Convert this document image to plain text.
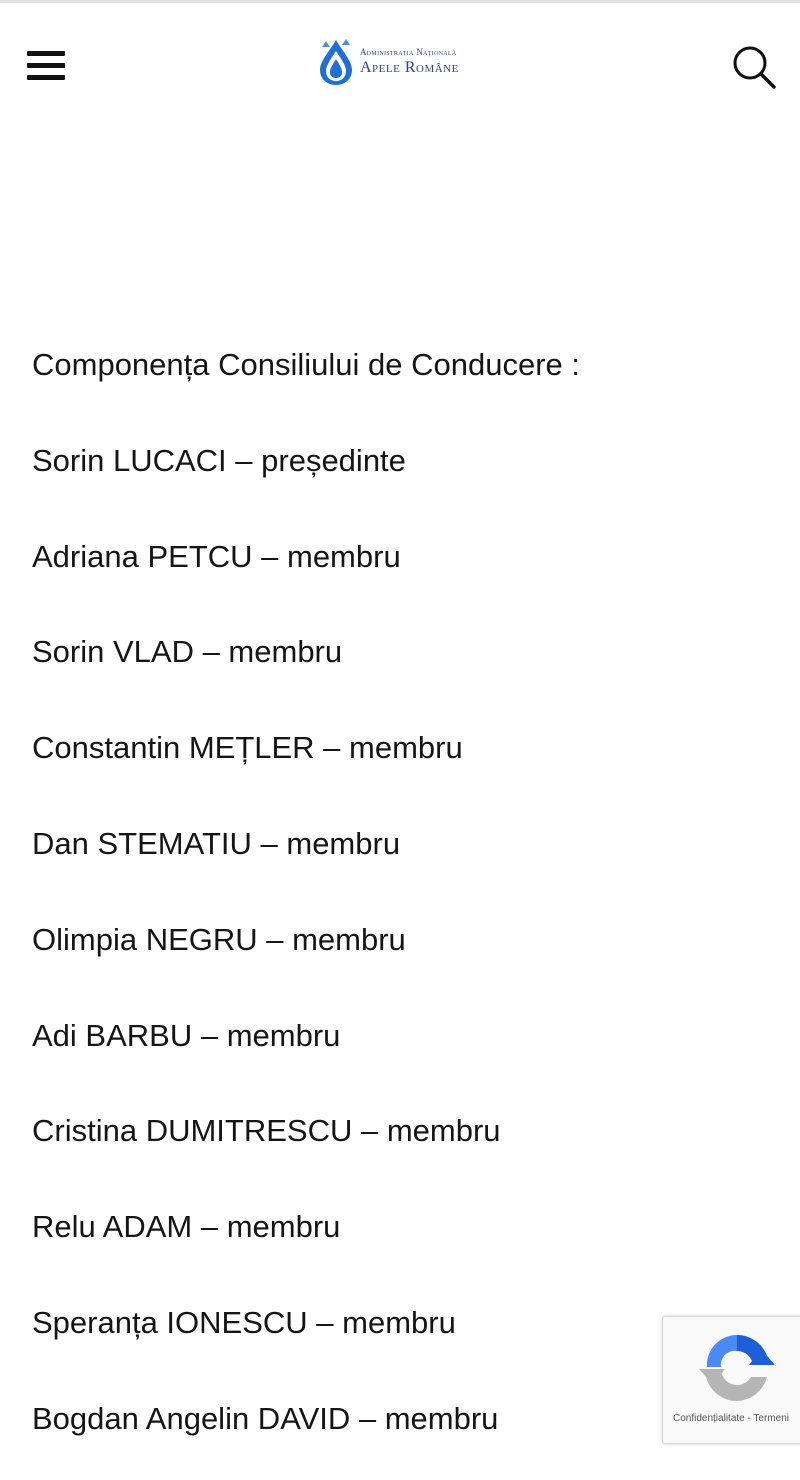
Administrația Națională
Apele Române
Componența Consiliului de Conducere :
Sorin LUCACI – președinte
Adriana PETCU – membru
Sorin VLAD – membru
Constantin MEȚLER – membru
Dan STEMATIU – membru
Olimpia NEGRU – membru
Adi BARBU – membru
Cristina DUMITRESCU – membru
Relu ADAM – membru
Speranța IONESCU – membru
Bogdan Angelin DAVID – membru	Confidențialitate - Termeni
